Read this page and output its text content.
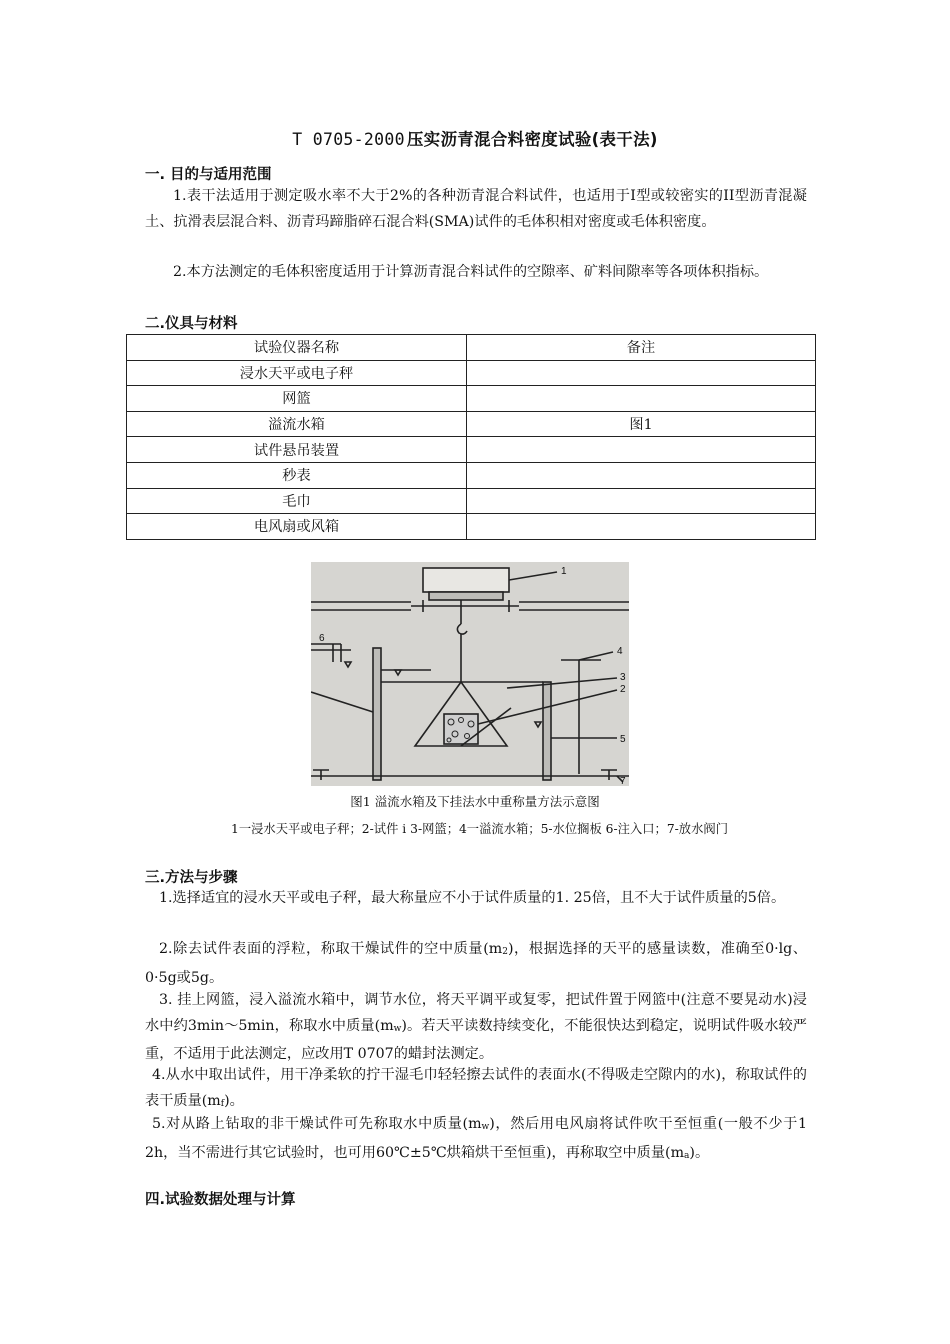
T 0705-2000 压实沥青混合料密度试验(表干法)
一. 目的与适用范围

1.表干法适用于测定吸水率不大于2%的各种沥青混合料试件，也适用于I型或较密实的II型沥青混凝土、抗滑表层混合料、沥青玛蹄脂碎石混合料(SMA)试件的毛体积相对密度或毛体积密度。

2.本方法测定的毛体积密度适用于计算沥青混合料试件的空隙率、矿料间隙率等各项体积指标。

二.仪具与材料
试验仪器名称	备注
浸水天平或电子秤	
网篮	
溢流水箱	图1
试件悬吊装置	
秒表	
毛巾	
电风扇或风箱	
1
2
3
4
5
6
7
图1 溢流水箱及下挂法水中重称量方法示意图

1一浸水天平或电子秤；2-试件 i 3-网篮；4一溢流水箱；5-水位搁板 6-注入口；7-放水阀门

三.方法与步骤

1.选择适宜的浸水天平或电子秤，最大称量应不小于试件质量的1. 25倍，且不大于试件质量的5倍。

2.除去试件表面的浮粒，称取干燥试件的空中质量$(m_2)$，根据选择的天平的感量读数，准确至0·lg、0·5g或5g。

3. 挂上网篮，浸入溢流水箱中，调节水位，将天平调平或复零，把试件置于网篮中(注意不要晃动水)浸水中约3min～5min，称取水中质量$(m_w)$。若天平读数持续变化，不能很快达到稳定，说明试件吸水较严重，不适用于此法测定，应改用T 0707的蜡封法测定。

4.从水中取出试件，用干净柔软的拧干湿毛巾轻轻擦去试件的表面水(不得吸走空隙内的水)，称取试件的表干质量$(m_f)$。

5.对从路上钻取的非干燥试件可先称取水中质量$(m_w)$，然后用电风扇将试件吹干至恒重(一般不少于1 2h，当不需进行其它试验时，也可用60℃±5℃烘箱烘干至恒重)，再称取空中质量$(m_a)$。

四.试验数据处理与计算
